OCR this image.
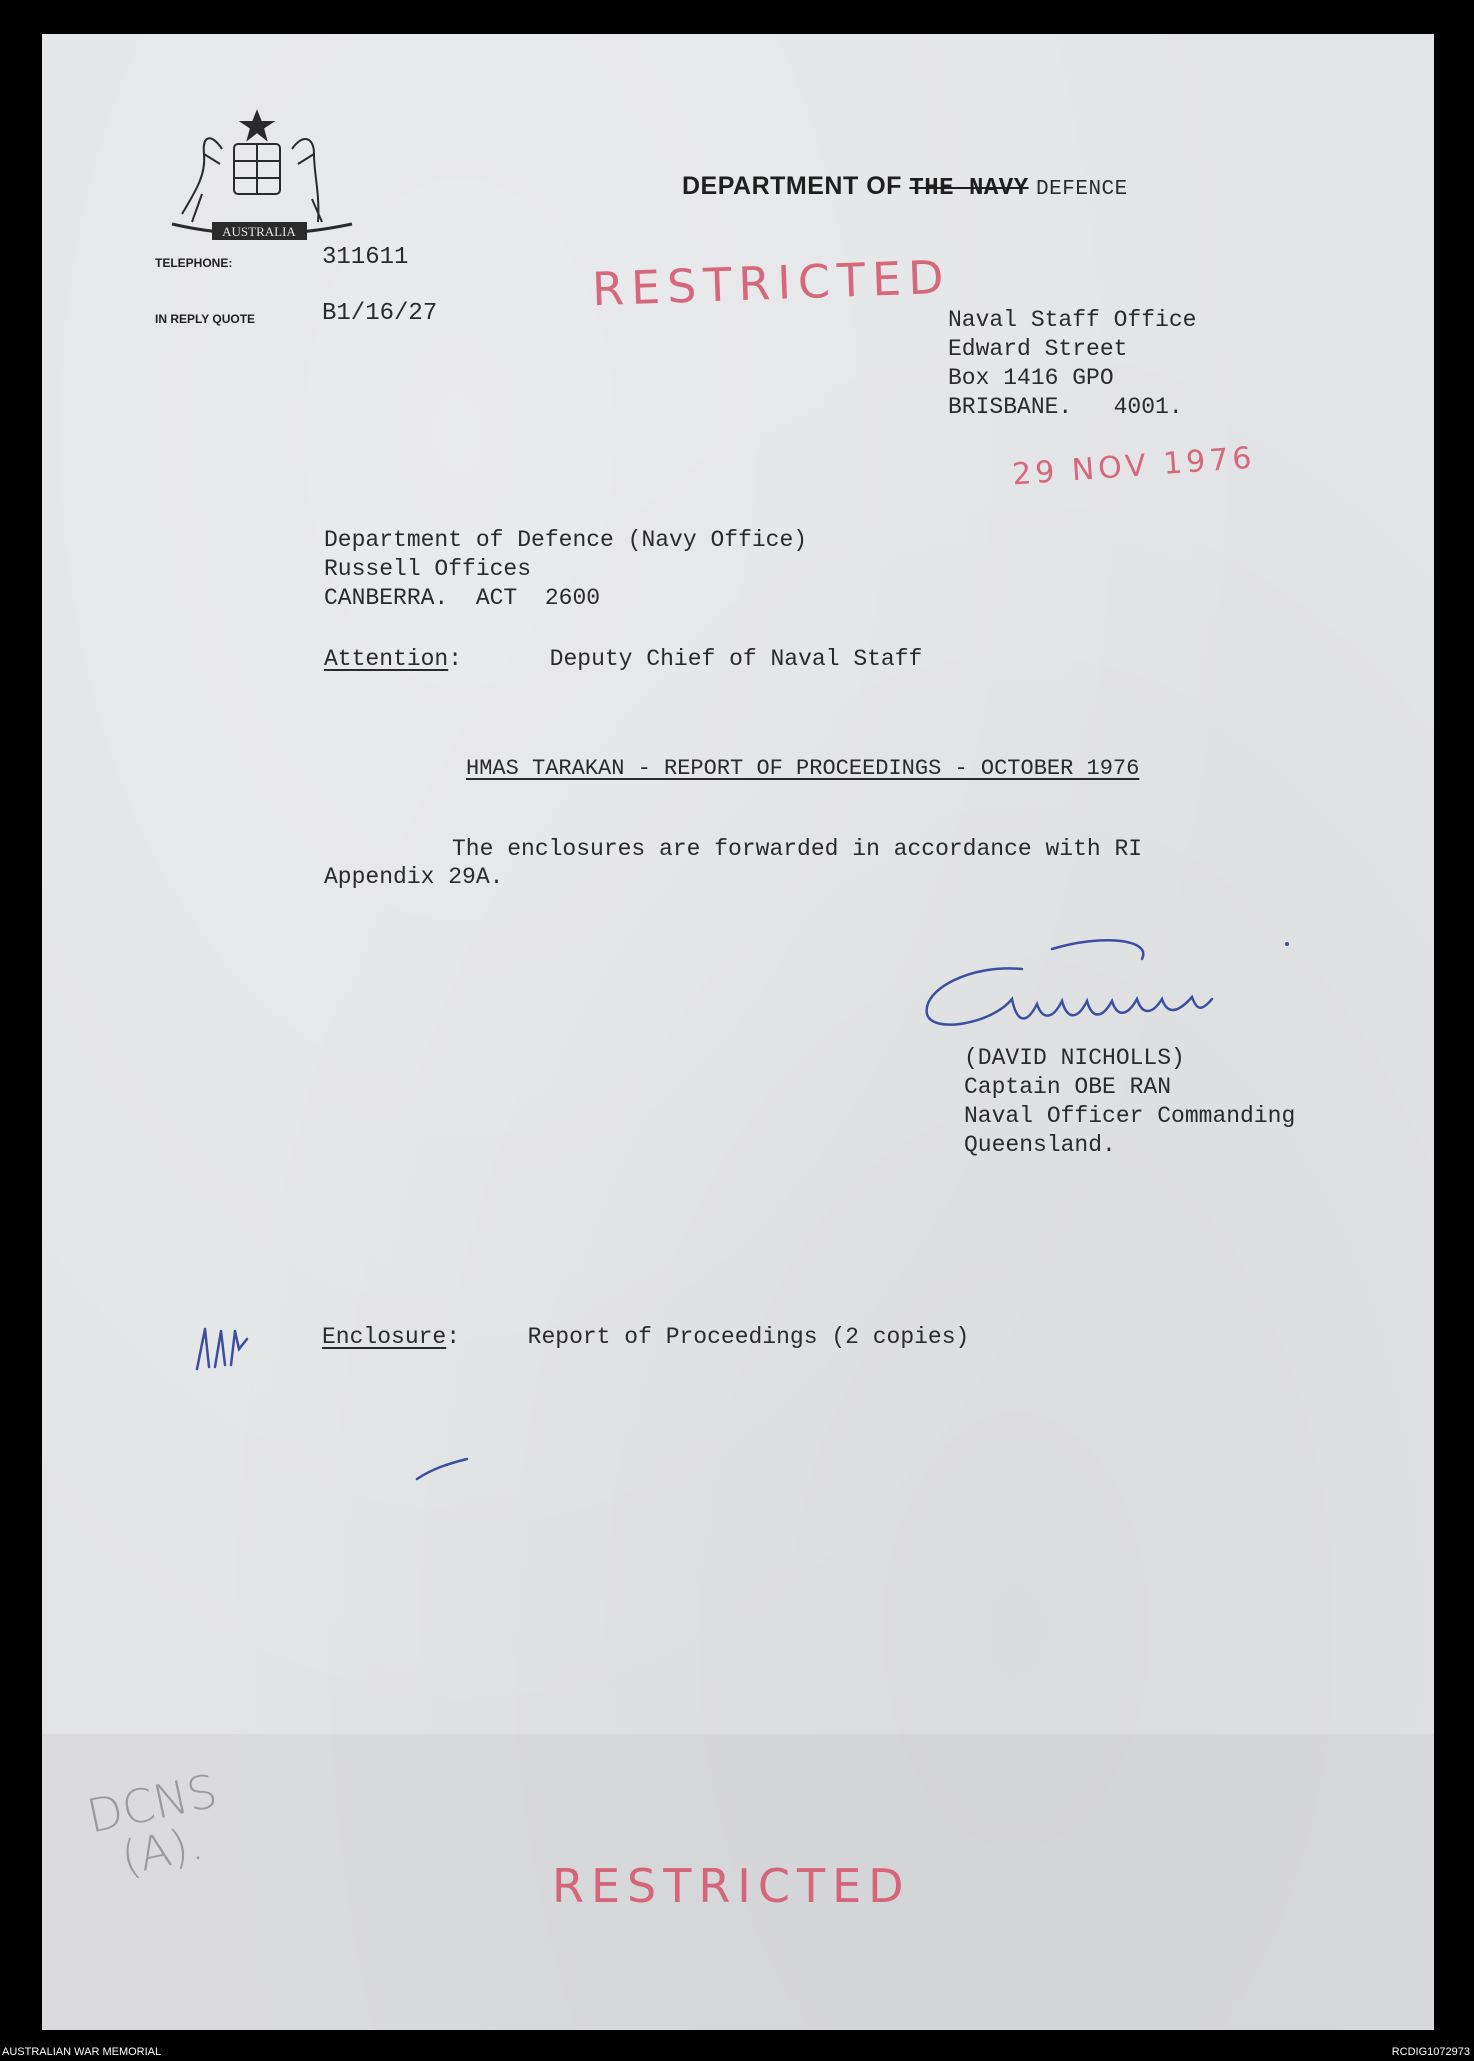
AUSTRALIA
DEPARTMENT OF THE NAVY DEFENCE
TELEPHONE:	311611
IN REPLY QUOTE	B1/16/27	RESTRICTED
Naval Staff Office
Edward Street
Box 1416 GPO
BRISBANE.   4001.
29 NOV 1976
Department of Defence (Navy Office)
Russell Offices
CANBERRA.  ACT  2600
Attention:	Deputy Chief of Naval Staff
HMAS TARAKAN - REPORT OF PROCEEDINGS - OCTOBER 1976
The enclosures are forwarded in accordance with RI
Appendix 29A.
(DAVID NICHOLLS)
Captain OBE RAN
Naval Officer Commanding
Queensland.
Enclosure:	Report of Proceedings (2 copies)
DCNS (A).
RESTRICTED
AUSTRALIAN WAR MEMORIAL	RCDIG1072973
